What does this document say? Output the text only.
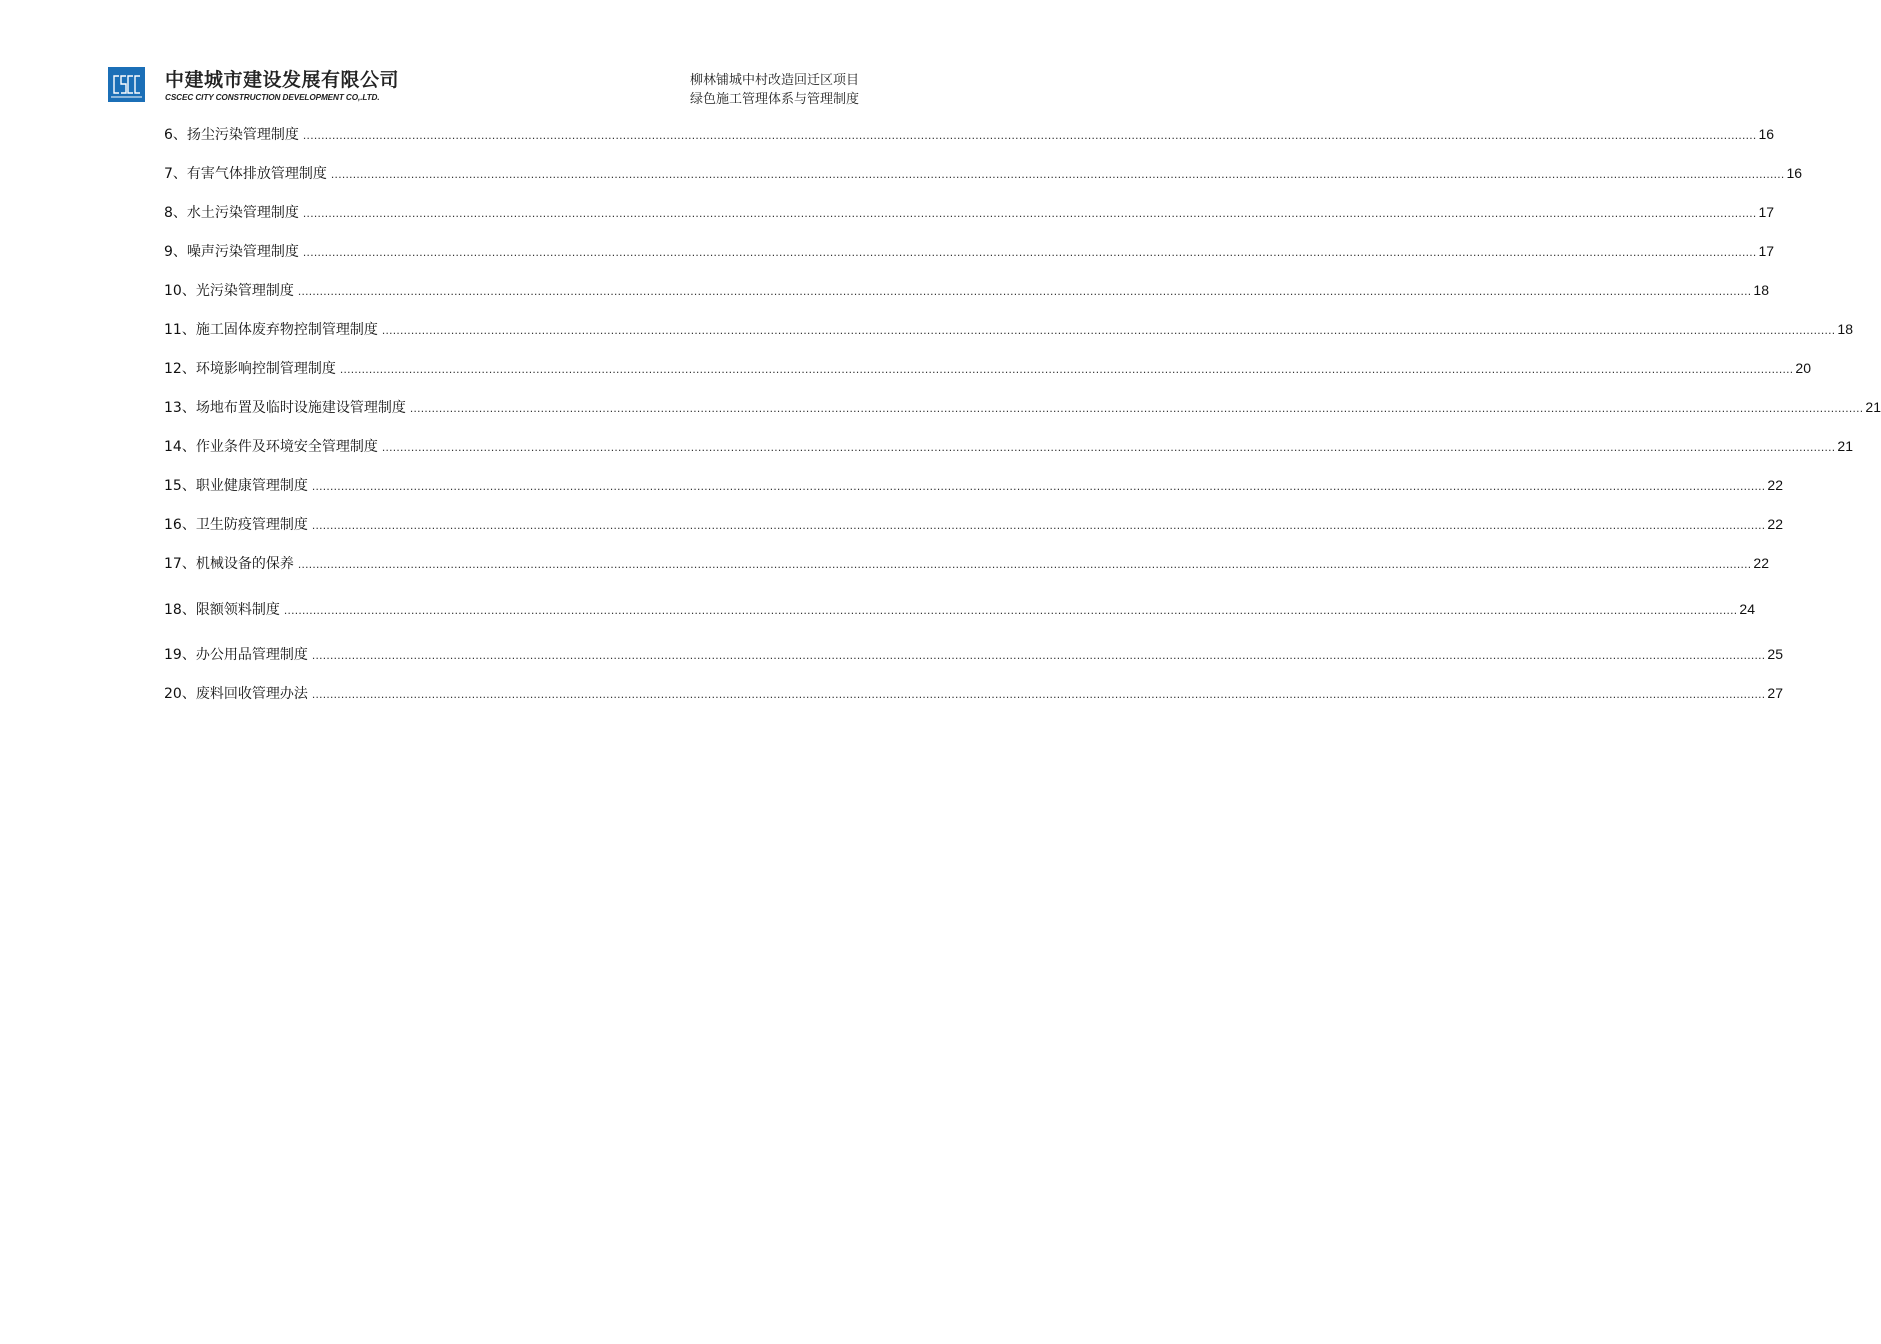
中建城市建设发展有限公司
CSCEC CITY CONSTRUCTION DEVELOPMENT CO,.LTD.
柳林铺城中村改造回迁区项目
绿色施工管理体系与管理制度
6、扬尘污染管理制度 ................................................................................................................................................................................................................................................................................................................................................................................................................ 16
7、有害气体排放管理制度 ................................................................................................................................................................................................................................................................................................................................................................................................................ 16
8、水土污染管理制度 ................................................................................................................................................................................................................................................................................................................................................................................................................ 17
9、噪声污染管理制度 ................................................................................................................................................................................................................................................................................................................................................................................................................ 17
10、光污染管理制度 ................................................................................................................................................................................................................................................................................................................................................................................................................ 18
11、施工固体废弃物控制管理制度 ................................................................................................................................................................................................................................................................................................................................................................................................................ 18
12、环境影响控制管理制度 ................................................................................................................................................................................................................................................................................................................................................................................................................ 20
13、场地布置及临时设施建设管理制度 ................................................................................................................................................................................................................................................................................................................................................................................................................ 21
14、作业条件及环境安全管理制度 ................................................................................................................................................................................................................................................................................................................................................................................................................ 21
15、职业健康管理制度 ................................................................................................................................................................................................................................................................................................................................................................................................................ 22
16、卫生防疫管理制度 ................................................................................................................................................................................................................................................................................................................................................................................................................ 22
17、机械设备的保养 ................................................................................................................................................................................................................................................................................................................................................................................................................ 22
18、限额领料制度 ................................................................................................................................................................................................................................................................................................................................................................................................................ 24
19、办公用品管理制度 ................................................................................................................................................................................................................................................................................................................................................................................................................ 25
20、废料回收管理办法 ................................................................................................................................................................................................................................................................................................................................................................................................................ 27
